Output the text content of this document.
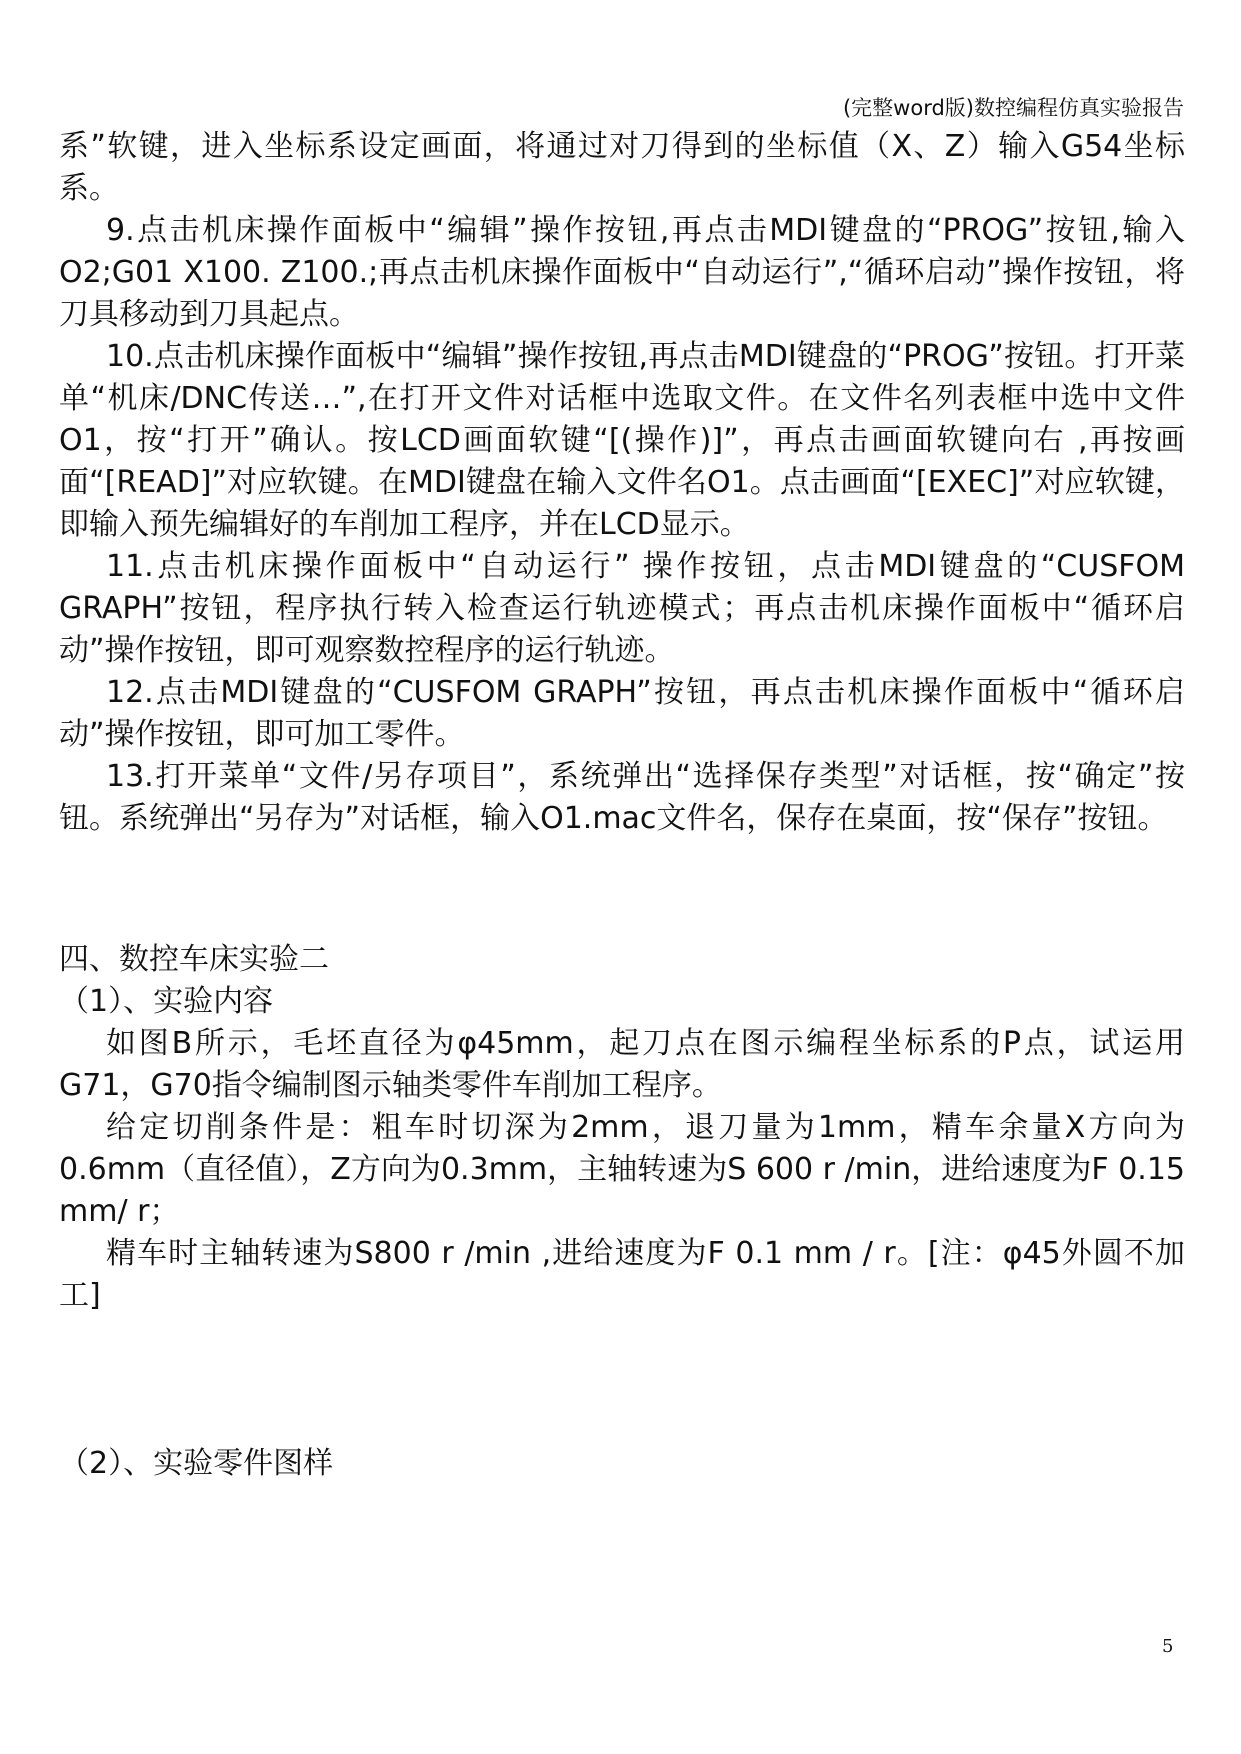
(完整word版)数控编程仿真实验报告

系”软键，进入坐标系设定画面，将通过对刀得到的坐标值（X、Z）输入G54坐标系。

9.点击机床操作面板中“编辑”操作按钮,再点击MDI键盘的“PROG”按钮,输入O2;G01 X100. Z100.;再点击机床操作面板中“自动运行”,“循环启动”操作按钮，将刀具移动到刀具起点。

10.点击机床操作面板中“编辑”操作按钮,再点击MDI键盘的“PROG”按钮。打开菜单“机床/DNC传送…”,在打开文件对话框中选取文件。在文件名列表框中选中文件O1，按“打开”确认。按LCD画面软键“[(操作)]”，再点击画面软键向右 ,再按画面“[READ]”对应软键。在MDI键盘在输入文件名O1。点击画面“[EXEC]”对应软键，即输入预先编辑好的车削加工程序，并在LCD显示。

11.点击机床操作面板中“自动运行” 操作按钮，点击MDI键盘的“CUSFOM GRAPH”按钮，程序执行转入检查运行轨迹模式；再点击机床操作面板中“循环启动”操作按钮，即可观察数控程序的运行轨迹。

12.点击MDI键盘的“CUSFOM GRAPH”按钮，再点击机床操作面板中“循环启动”操作按钮，即可加工零件。

13.打开菜单“文件/另存项目”，系统弹出“选择保存类型”对话框，按“确定”按钮。系统弹出“另存为”对话框，输入O1.mac文件名，保存在桌面，按“保存”按钮。

四、数控车床实验二

（1）、实验内容

如图B所示，毛坯直径为φ45mm，起刀点在图示编程坐标系的P点，试运用G71，G70指令编制图示轴类零件车削加工程序。

给定切削条件是：粗车时切深为2mm，退刀量为1mm，精车余量X方向为0.6mm（直径值），Z方向为0.3mm，主轴转速为S 600 r /min，进给速度为F 0.15 mm/ r；

精车时主轴转速为S800 r /min ,进给速度为F 0.1 mm / r。[注：φ45外圆不加工]

（2）、实验零件图样

5
